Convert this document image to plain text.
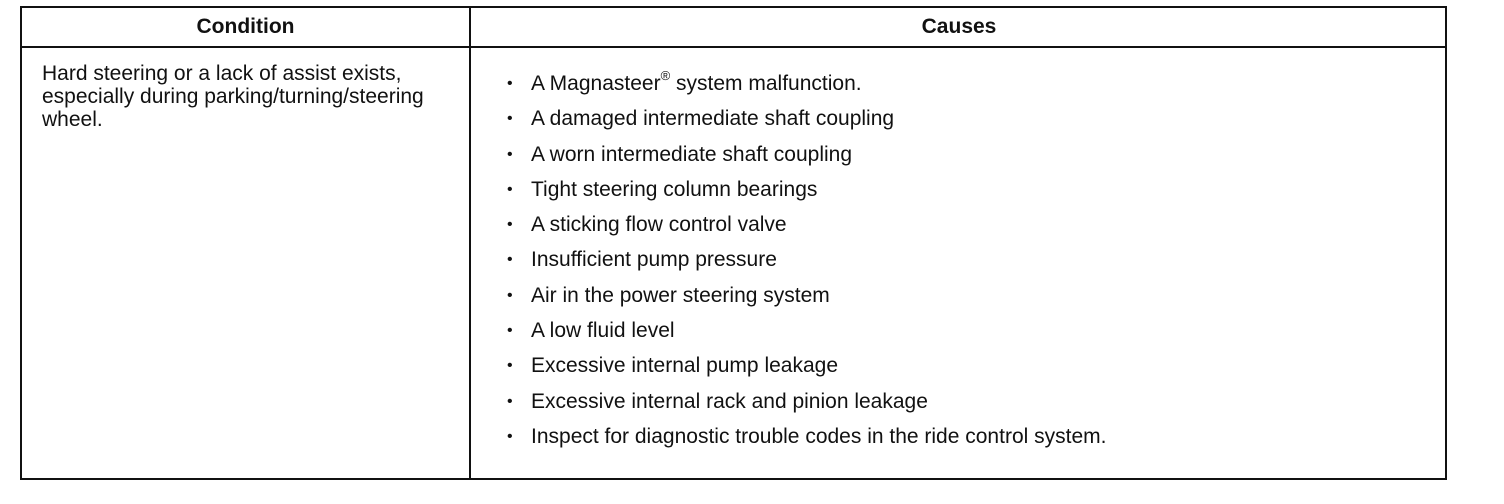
Condition	Causes
Hard steering or a lack of assist exists, especially during parking/turning/steering wheel.
• A Magnasteer® system malfunction.
• A damaged intermediate shaft coupling
• A worn intermediate shaft coupling
• Tight steering column bearings
• A sticking flow control valve
• Insufficient pump pressure
• Air in the power steering system
• A low fluid level
• Excessive internal pump leakage
• Excessive internal rack and pinion leakage
• Inspect for diagnostic trouble codes in the ride control system.
